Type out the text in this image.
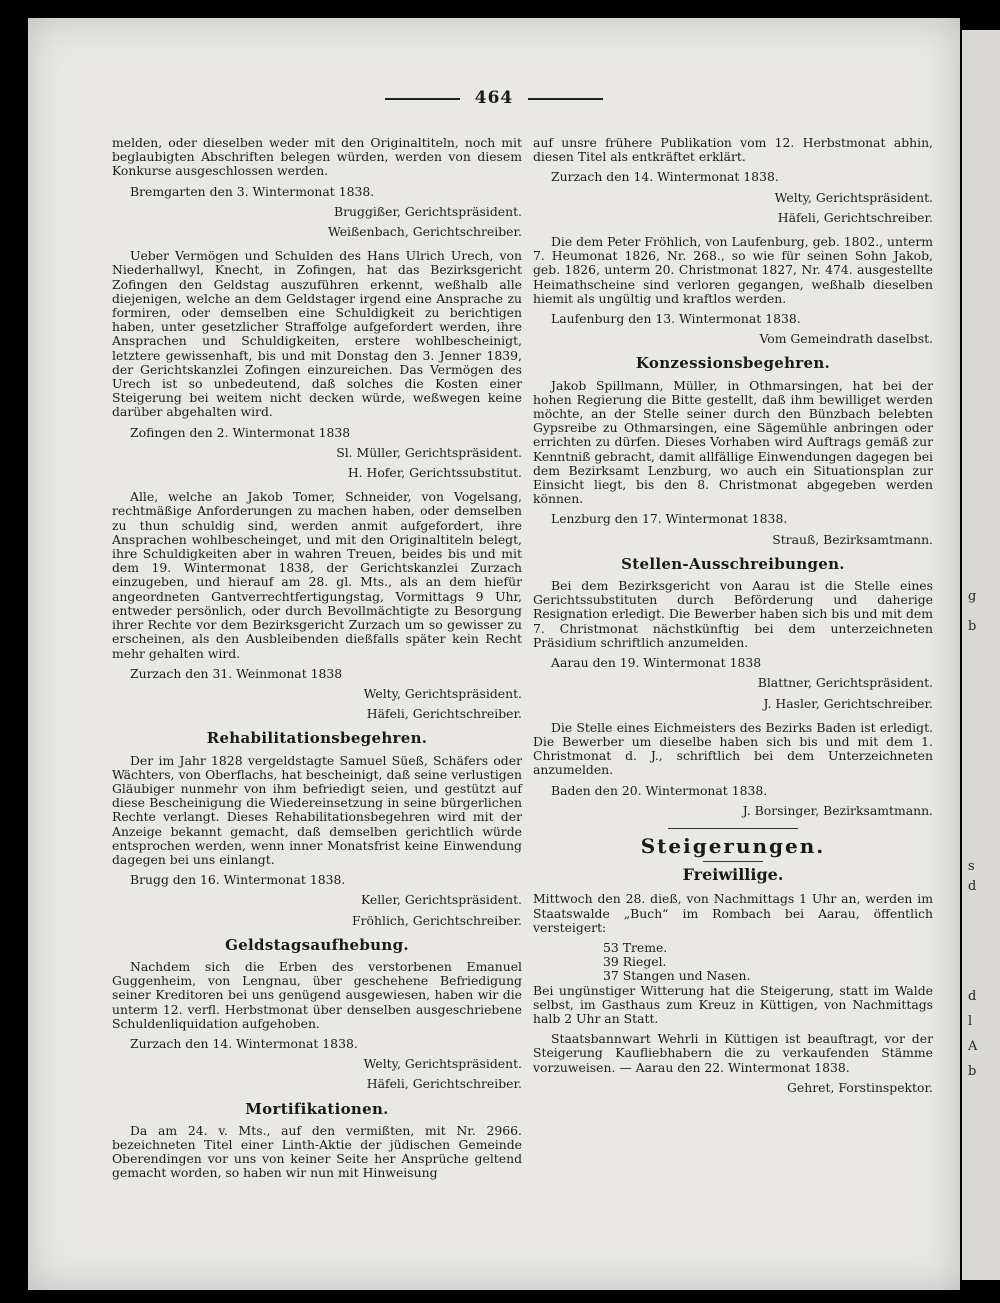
464

melden, oder dieselben weder mit den Originaltiteln, noch mit beglaubigten Abschriften belegen würden, werden von diesem Konkurse ausgeschlossen werden.

Bremgarten den 3. Wintermonat 1838.

Bruggißer, Gerichtspräsident.

Weißenbach, Gerichtschreiber.

Ueber Vermögen und Schulden des Hans Ulrich Urech, von Niederhallwyl, Knecht, in Zofingen, hat das Bezirksgericht Zofingen den Geldstag auszuführen erkennt, weßhalb alle diejenigen, welche an dem Geldstager irgend eine Ansprache zu formiren, oder demselben eine Schuldigkeit zu berichtigen haben, unter gesetzlicher Straffolge aufgefordert werden, ihre Ansprachen und Schuldigkeiten, erstere wohlbescheinigt, letztere gewissenhaft, bis und mit Donstag den 3. Jenner 1839, der Gerichtskanzlei Zofingen einzureichen. Das Vermögen des Urech ist so unbedeutend, daß solches die Kosten einer Steigerung bei weitem nicht decken würde, weßwegen keine darüber abgehalten wird.

Zofingen den 2. Wintermonat 1838

Sl. Müller, Gerichtspräsident.

H. Hofer, Gerichtssubstitut.

Alle, welche an Jakob Tomer, Schneider, von Vogelsang, rechtmäßige Anforderungen zu machen haben, oder demselben zu thun schuldig sind, werden anmit aufgefordert, ihre Ansprachen wohlbescheinget, und mit den Originaltiteln belegt, ihre Schuldigkeiten aber in wahren Treuen, beides bis und mit dem 19. Wintermonat 1838, der Gerichtskanzlei Zurzach einzugeben, und hierauf am 28. gl. Mts., als an dem hiefür angeordneten Gantverrechtfertigungstag, Vormittags 9 Uhr, entweder persönlich, oder durch Bevollmächtigte zu Besorgung ihrer Rechte vor dem Bezirksgericht Zurzach um so gewisser zu erscheinen, als den Ausbleibenden dießfalls später kein Recht mehr gehalten wird.

Zurzach den 31. Weinmonat 1838

Welty, Gerichtspräsident.

Häfeli, Gerichtschreiber.

Rehabilitationsbegehren.

Der im Jahr 1828 vergeldstagte Samuel Süeß, Schäfers oder Wächters, von Oberflachs, hat bescheinigt, daß seine verlustigen Gläubiger nunmehr von ihm befriedigt seien, und gestützt auf diese Bescheinigung die Wiedereinsetzung in seine bürgerlichen Rechte verlangt. Dieses Rehabilitationsbegehren wird mit der Anzeige bekannt gemacht, daß demselben gerichtlich würde entsprochen werden, wenn inner Monatsfrist keine Einwendung dagegen bei uns einlangt.

Brugg den 16. Wintermonat 1838.

Keller, Gerichtspräsident.

Fröhlich, Gerichtschreiber.

Geldstagsaufhebung.

Nachdem sich die Erben des verstorbenen Emanuel Guggenheim, von Lengnau, über geschehene Befriedigung seiner Kreditoren bei uns genügend ausgewiesen, haben wir die unterm 12. verfl. Herbstmonat über denselben ausgeschriebene Schuldenliquidation aufgehoben.

Zurzach den 14. Wintermonat 1838.

Welty, Gerichtspräsident.

Häfeli, Gerichtschreiber.

Mortifikationen.

Da am 24. v. Mts., auf den vermißten, mit Nr. 2966. bezeichneten Titel einer Linth-Aktie der jüdischen Gemeinde Oberendingen vor uns von keiner Seite her Ansprüche geltend gemacht worden, so haben wir nun mit Hinweisung

auf unsre frühere Publikation vom 12. Herbstmonat abhin, diesen Titel als entkräftet erklärt.

Zurzach den 14. Wintermonat 1838.

Welty, Gerichtspräsident.

Häfeli, Gerichtschreiber.

Die dem Peter Fröhlich, von Laufenburg, geb. 1802., unterm 7. Heumonat 1826, Nr. 268., so wie für seinen Sohn Jakob, geb. 1826, unterm 20. Christmonat 1827, Nr. 474. ausgestellte Heimathscheine sind verloren gegangen, weßhalb dieselben hiemit als ungültig und kraftlos werden.

Laufenburg den 13. Wintermonat 1838.

Vom Gemeindrath daselbst.

Konzessionsbegehren.

Jakob Spillmann, Müller, in Othmarsingen, hat bei der hohen Regierung die Bitte gestellt, daß ihm bewilliget werden möchte, an der Stelle seiner durch den Bünzbach belebten Gypsreibe zu Othmarsingen, eine Sägemühle anbringen oder errichten zu dürfen. Dieses Vorhaben wird Auftrags gemäß zur Kenntniß gebracht, damit allfällige Einwendungen dagegen bei dem Bezirksamt Lenzburg, wo auch ein Situationsplan zur Einsicht liegt, bis den 8. Christmonat abgegeben werden können.

Lenzburg den 17. Wintermonat 1838.

Strauß, Bezirksamtmann.

Stellen-Ausschreibungen.

Bei dem Bezirksgericht von Aarau ist die Stelle eines Gerichtssubstituten durch Beförderung und daherige Resignation erledigt. Die Bewerber haben sich bis und mit dem 7. Christmonat nächstkünftig bei dem unterzeichneten Präsidium schriftlich anzumelden.

Aarau den 19. Wintermonat 1838

Blattner, Gerichtspräsident.

J. Hasler, Gerichtschreiber.

Die Stelle eines Eichmeisters des Bezirks Baden ist erledigt. Die Bewerber um dieselbe haben sich bis und mit dem 1. Christmonat d. J., schriftlich bei dem Unterzeichneten anzumelden.

Baden den 20. Wintermonat 1838.

J. Borsinger, Bezirksamtmann.

Steigerungen.
Freiwillige.

Mittwoch den 28. dieß, von Nachmittags 1 Uhr an, werden im Staatswalde „Buch“ im Rombach bei Aarau, öffentlich versteigert:

53 Treme.
39 Riegel.
37 Stangen und Nasen.

Bei ungünstiger Witterung hat die Steigerung, statt im Walde selbst, im Gasthaus zum Kreuz in Küttigen, von Nachmittags halb 2 Uhr an Statt.

Staatsbannwart Wehrli in Küttigen ist beauftragt, vor der Steigerung Kaufliebhabern die zu verkaufenden Stämme vorzuweisen. — Aarau den 22. Wintermonat 1838.

Gehret, Forstinspektor.

g
b
s
d
d
l
A
b
